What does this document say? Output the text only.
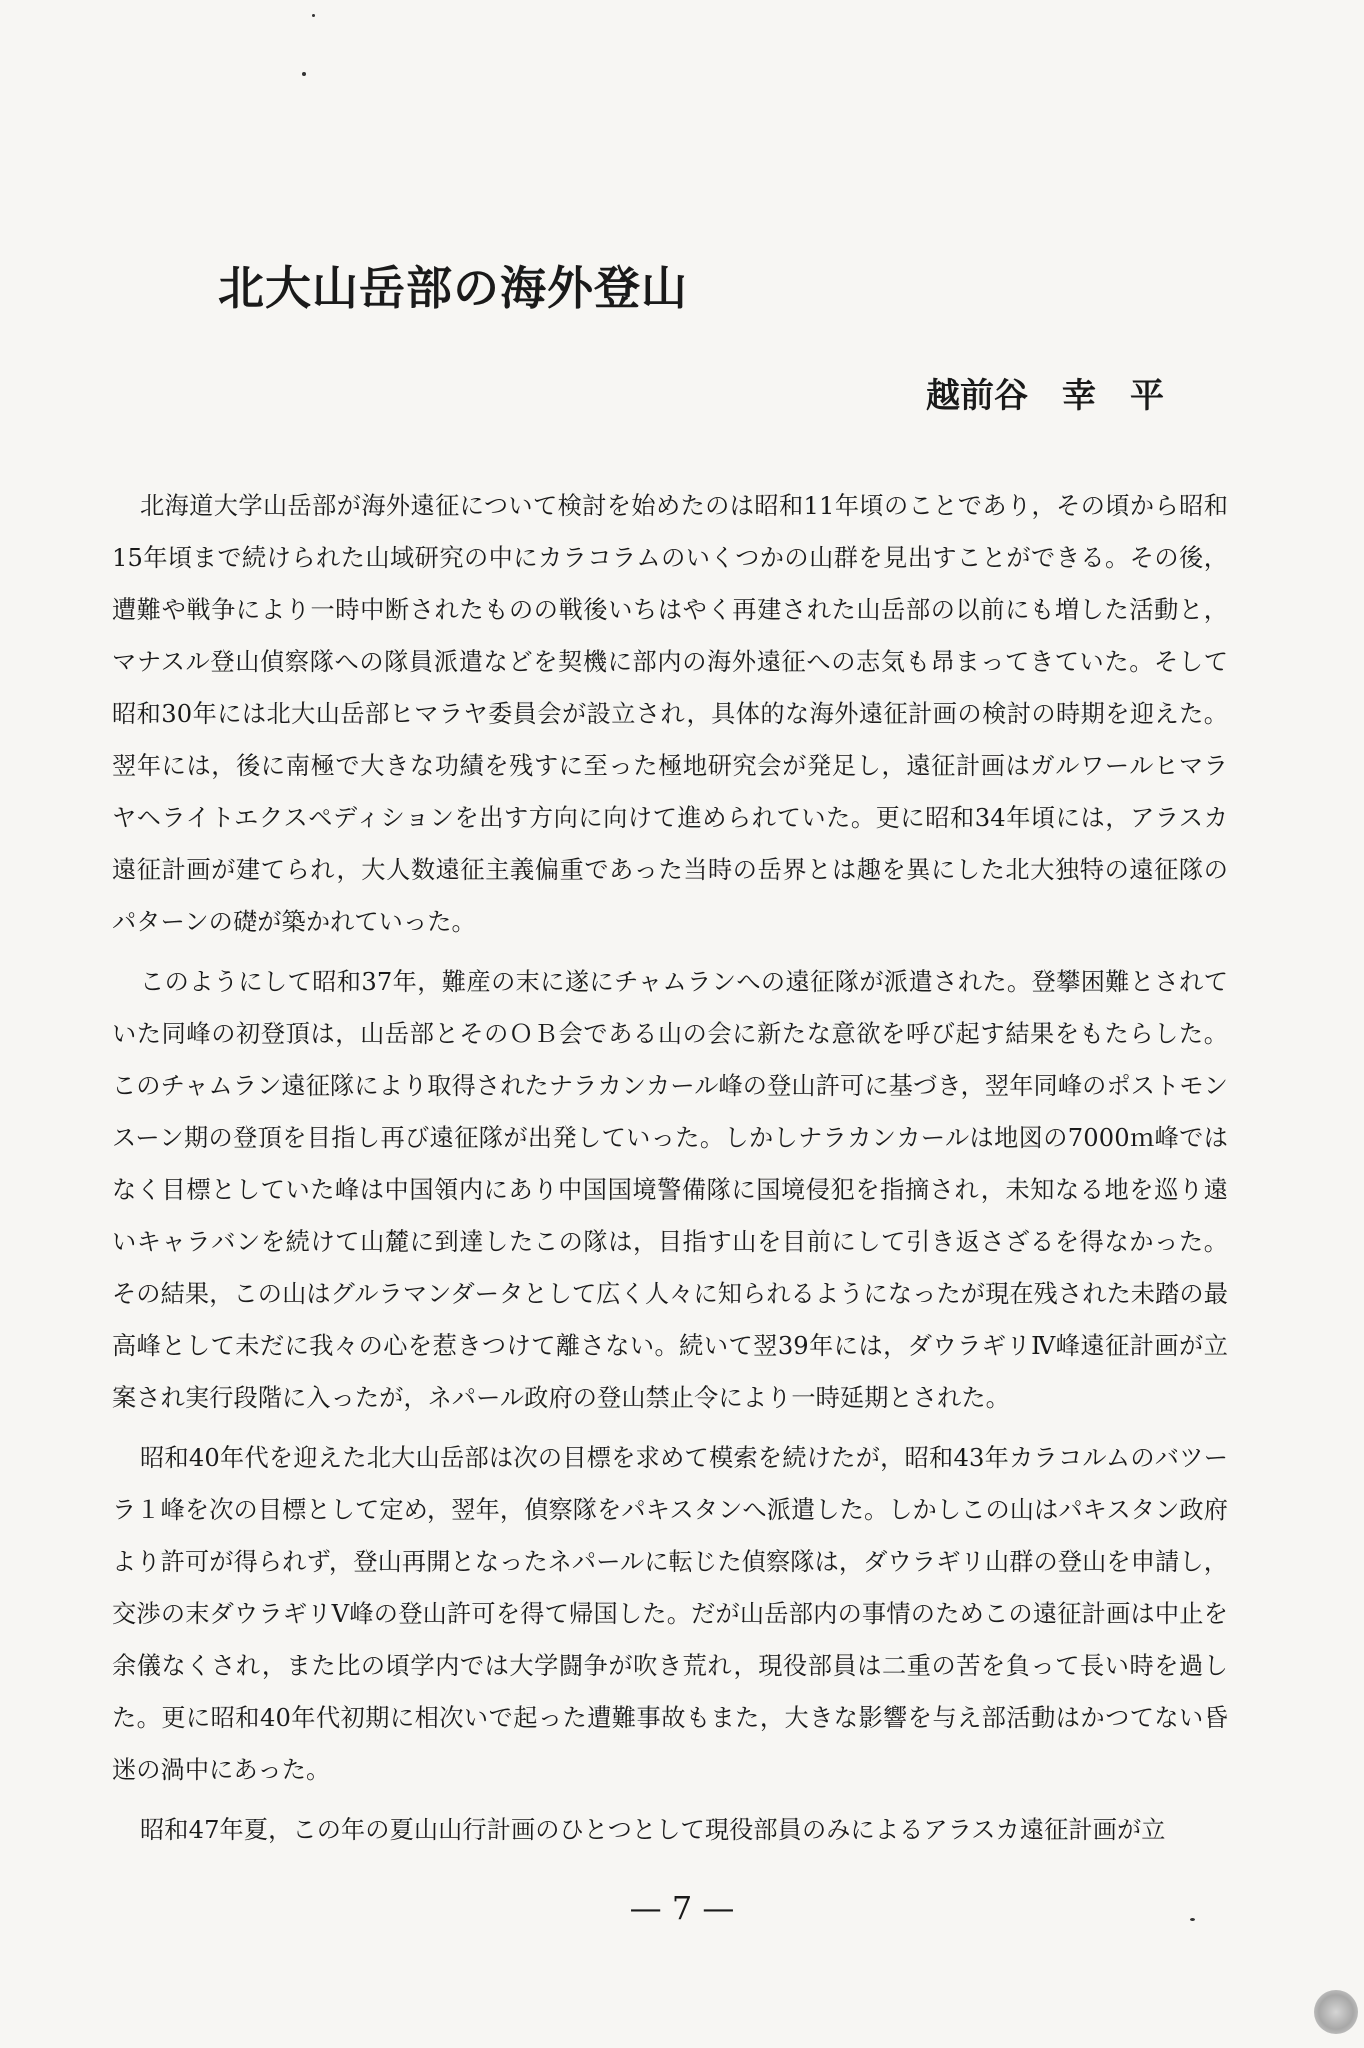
北大山岳部の海外登山

越前谷　幸　平

北海道大学山岳部が海外遠征について検討を始めたのは昭和11年頃のことであり，その頃から昭和15年頃まで続けられた山域研究の中にカラコラムのいくつかの山群を見出すことができる。その後，遭難や戦争により一時中断されたものの戦後いちはやく再建された山岳部の以前にも増した活動と，マナスル登山偵察隊への隊員派遣などを契機に部内の海外遠征への志気も昂まってきていた。そして昭和30年には北大山岳部ヒマラヤ委員会が設立され，具体的な海外遠征計画の検討の時期を迎えた。翌年には，後に南極で大きな功績を残すに至った極地研究会が発足し，遠征計画はガルワールヒマラヤヘライトエクスペディションを出す方向に向けて進められていた。更に昭和34年頃には，アラスカ遠征計画が建てられ，大人数遠征主義偏重であった当時の岳界とは趣を異にした北大独特の遠征隊のパターンの礎が築かれていった。

このようにして昭和37年，難産の末に遂にチャムランへの遠征隊が派遣された。登攀困難とされていた同峰の初登頂は，山岳部とそのＯＢ会である山の会に新たな意欲を呼び起す結果をもたらした。このチャムラン遠征隊により取得されたナラカンカール峰の登山許可に基づき，翌年同峰のポストモンスーン期の登頂を目指し再び遠征隊が出発していった。しかしナラカンカールは地図の7000ｍ峰ではなく目標としていた峰は中国領内にあり中国国境警備隊に国境侵犯を指摘され，未知なる地を巡り遠いキャラバンを続けて山麓に到達したこの隊は，目指す山を目前にして引き返さざるを得なかった。その結果，この山はグルラマンダータとして広く人々に知られるようになったが現在残された未踏の最高峰として未だに我々の心を惹きつけて離さない。続いて翌39年には，ダウラギリⅣ峰遠征計画が立案され実行段階に入ったが，ネパール政府の登山禁止令により一時延期とされた。

昭和40年代を迎えた北大山岳部は次の目標を求めて模索を続けたが，昭和43年カラコルムのバツーラ１峰を次の目標として定め，翌年，偵察隊をパキスタンへ派遣した。しかしこの山はパキスタン政府より許可が得られず，登山再開となったネパールに転じた偵察隊は，ダウラギリ山群の登山を申請し，交渉の末ダウラギリⅤ峰の登山許可を得て帰国した。だが山岳部内の事情のためこの遠征計画は中止を余儀なくされ，また比の頃学内では大学闘争が吹き荒れ，現役部員は二重の苦を負って長い時を過した。更に昭和40年代初期に相次いで起った遭難事故もまた，大きな影響を与え部活動はかつてない昏迷の渦中にあった。

昭和47年夏，この年の夏山山行計画のひとつとして現役部員のみによるアラスカ遠征計画が立

— 7 —
